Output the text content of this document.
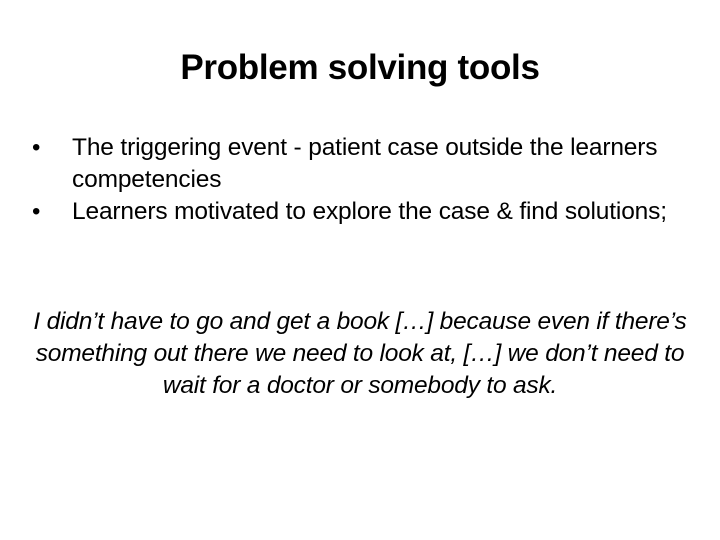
Problem solving tools
•	The triggering event - patient case outside the learners competencies
•	Learners motivated to explore the case & find solutions;

I didn’t have to go and get a book […] because even if there’s something out there we need to look at, […] we don’t need to wait for a doctor or somebody to ask.
